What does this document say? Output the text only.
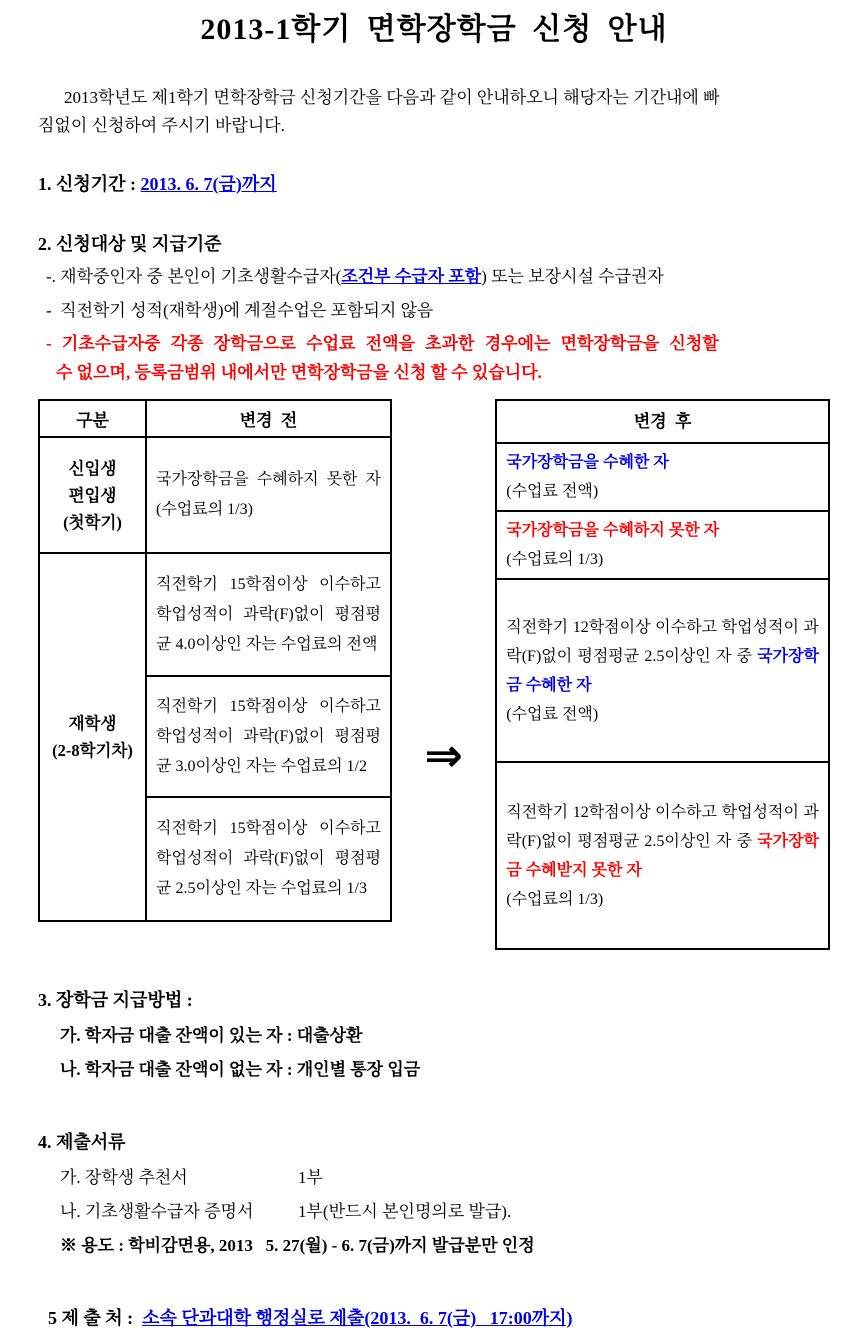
2013-1학기 면학장학금 신청 안내
2013학년도 제1학기 면학장학금 신청기간을 다음과 같이 안내하오니 해당자는 기간내에 빠
짐없이 신청하여 주시기 바랍니다.
1. 신청기간 : 2013. 6. 7(금)까지
2. 신청대상 및 지급기준
-. 재학중인자 중 본인이 기초생활수급자(조건부 수급자 포함) 또는 보장시설 수급권자
-  직전학기 성적(재학생)에 계절수업은 포함되지 않음
- 기초수급자중 각종 장학금으로 수업료 전액을 초과한 경우에는 면학장학금을 신청할
수 없으며, 등록금범위 내에서만 면학장학금을 신청 할 수 있습니다.
구분	변경 전

신입생
편입생
(첫학기)	국가장학금을 수혜하지 못한 자(수업료의 1/3)

재학생
(2-8학기차)	직전학기 15학점이상 이수하고 학업성적이 과락(F)없이 평점평균 4.0이상인 자는 수업료의 전액
	직전학기 15학점이상 이수하고 학업성적이 과락(F)없이 평점평균 3.0이상인 자는 수업료의 1/2
	직전학기 15학점이상 이수하고 학업성적이 과락(F)없이 평점평균 2.5이상인 자는 수업료의 1/3
⇒
변경 후

국가장학금을 수혜한 자
(수업료 전액)

국가장학금을 수혜하지 못한 자
(수업료의 1/3)

직전학기 12학점이상 이수하고 학업성적이 과락(F)없이 평점평균 2.5이상인 자 중 국가장학금 수혜한 자
(수업료 전액)

직전학기 12학점이상 이수하고 학업성적이 과락(F)없이 평점평균 2.5이상인 자 중 국가장학금 수혜받지 못한 자
(수업료의 1/3)
3. 장학금 지급방법 :
가. 학자금 대출 잔액이 있는 자 : 대출상환
나. 학자금 대출 잔액이 없는 자 : 개인별 통장 입금
4. 제출서류
가. 장학생 추천서	1부
나. 기초생활수급자 증명서	1부(반드시 본인명의로 발급).
※ 용도 : 학비감면용, 2013   5. 27(월) - 6. 7(금)까지 발급분만 인정
5 제 출 처 :  소속 단과대학 행정실로 제출(2013.  6. 7(금)   17:00까지)
